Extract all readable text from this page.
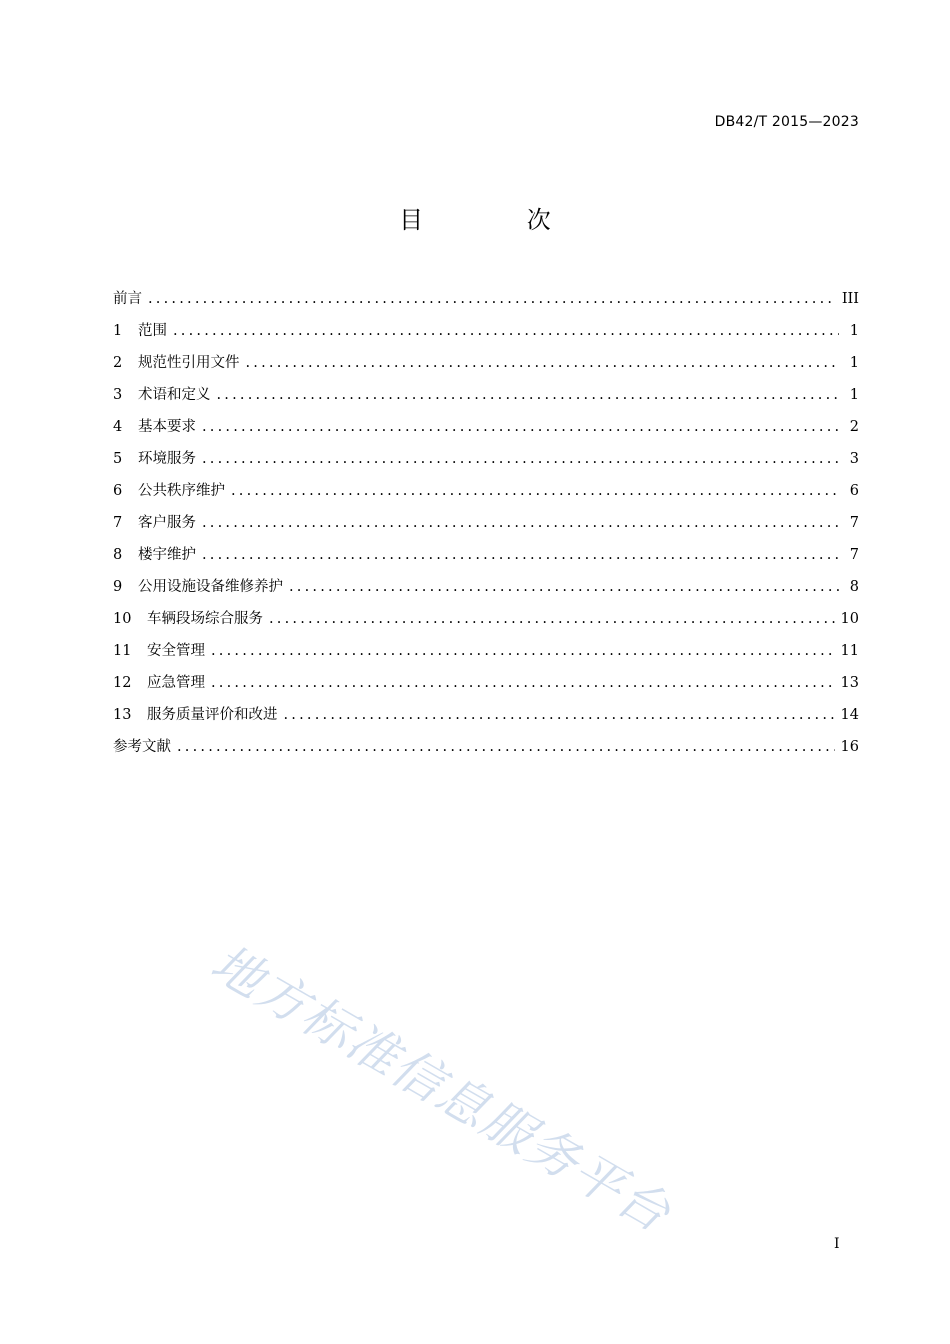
DB42/T 2015—2023
目 次
前言 .....	III
1	范围 .....	1
2	规范性引用文件 .....	1
3	术语和定义 .....	1
4	基本要求 .....	2
5	环境服务 .....	3
6	公共秩序维护 .....	6
7	客户服务 .....	7
8	楼宇维护 .....	7
9	公用设施设备维修养护 .....	8
10	车辆段场综合服务 .....	10
11	安全管理 .....	11
12	应急管理 .....	13
13	服务质量评价和改进 .....	14
参考文献 .....	16
地方标准信息服务平台
I
